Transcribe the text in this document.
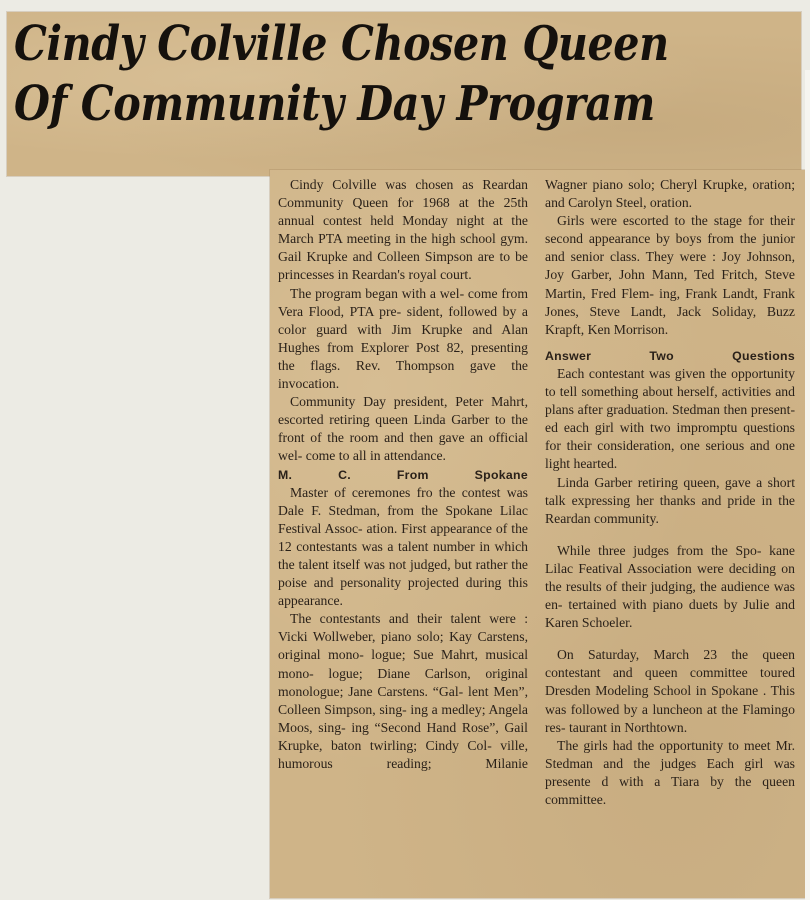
Cindy Colville Chosen Queen
Of Community Day Program

Cindy Colville was chosen as Reardan Community Queen for 1968 at the 25th annual contest held Monday night at the March PTA meeting in the high school gym. Gail Krupke and Colleen Simpson are to be princesses in Reardan's royal court.

The program began with a wel- come from Vera Flood, PTA pre- sident, followed by a color guard with Jim Krupke and Alan Hughes from Explorer Post 82, presenting the flags. Rev. Thompson gave the invocation.

Community Day president, Peter Mahrt, escorted retiring queen Linda Garber to the front of the room and then gave an official wel- come to all in attendance.

M. C. From Spokane

Master of ceremones fro the contest was Dale F. Stedman, from the Spokane Lilac Festival Assoc- ation. First appearance of the 12 contestants was a talent number in which the talent itself was not judged, but rather the poise and personality projected during this appearance.

The contestants and their talent were : Vicki Wollweber, piano solo; Kay Carstens, original mono- logue; Sue Mahrt, musical mono- logue; Diane Carlson, original monologue; Jane Carstens. “Gal- lent Men”, Colleen Simpson, sing- ing a medley; Angela Moos, sing- ing “Second Hand Rose”, Gail Krupke, baton twirling; Cindy Col- ville, humorous reading; Milanie

Wagner piano solo; Cheryl Krupke, oration; and Carolyn Steel, oration.

Girls were escorted to the stage for their second appearance by boys from the junior and senior class. They were : Joy Johnson, Joy Garber, John Mann, Ted Fritch, Steve Martin, Fred Flem- ing, Frank Landt, Frank Jones, Steve Landt, Jack Soliday, Buzz Krapft, Ken Morrison.

Answer Two Questions

Each contestant was given the opportunity to tell something about herself, activities and plans after graduation. Stedman then present- ed each girl with two impromptu questions for their consideration, one serious and one light hearted.

Linda Garber retiring queen, gave a short talk expressing her thanks and pride in the Reardan community.

While three judges from the Spo- kane Lilac Featival Association were deciding on the results of their judging, the audience was en- tertained with piano duets by Julie and Karen Schoeler.

On Saturday, March 23 the queen contestant and queen committee toured Dresden Modeling School in Spokane . This was followed by a luncheon at the Flamingo res- taurant in Northtown.

The girls had the opportunity to meet Mr. Stedman and the judges Each girl was presente d with a Tiara by the queen committee.
